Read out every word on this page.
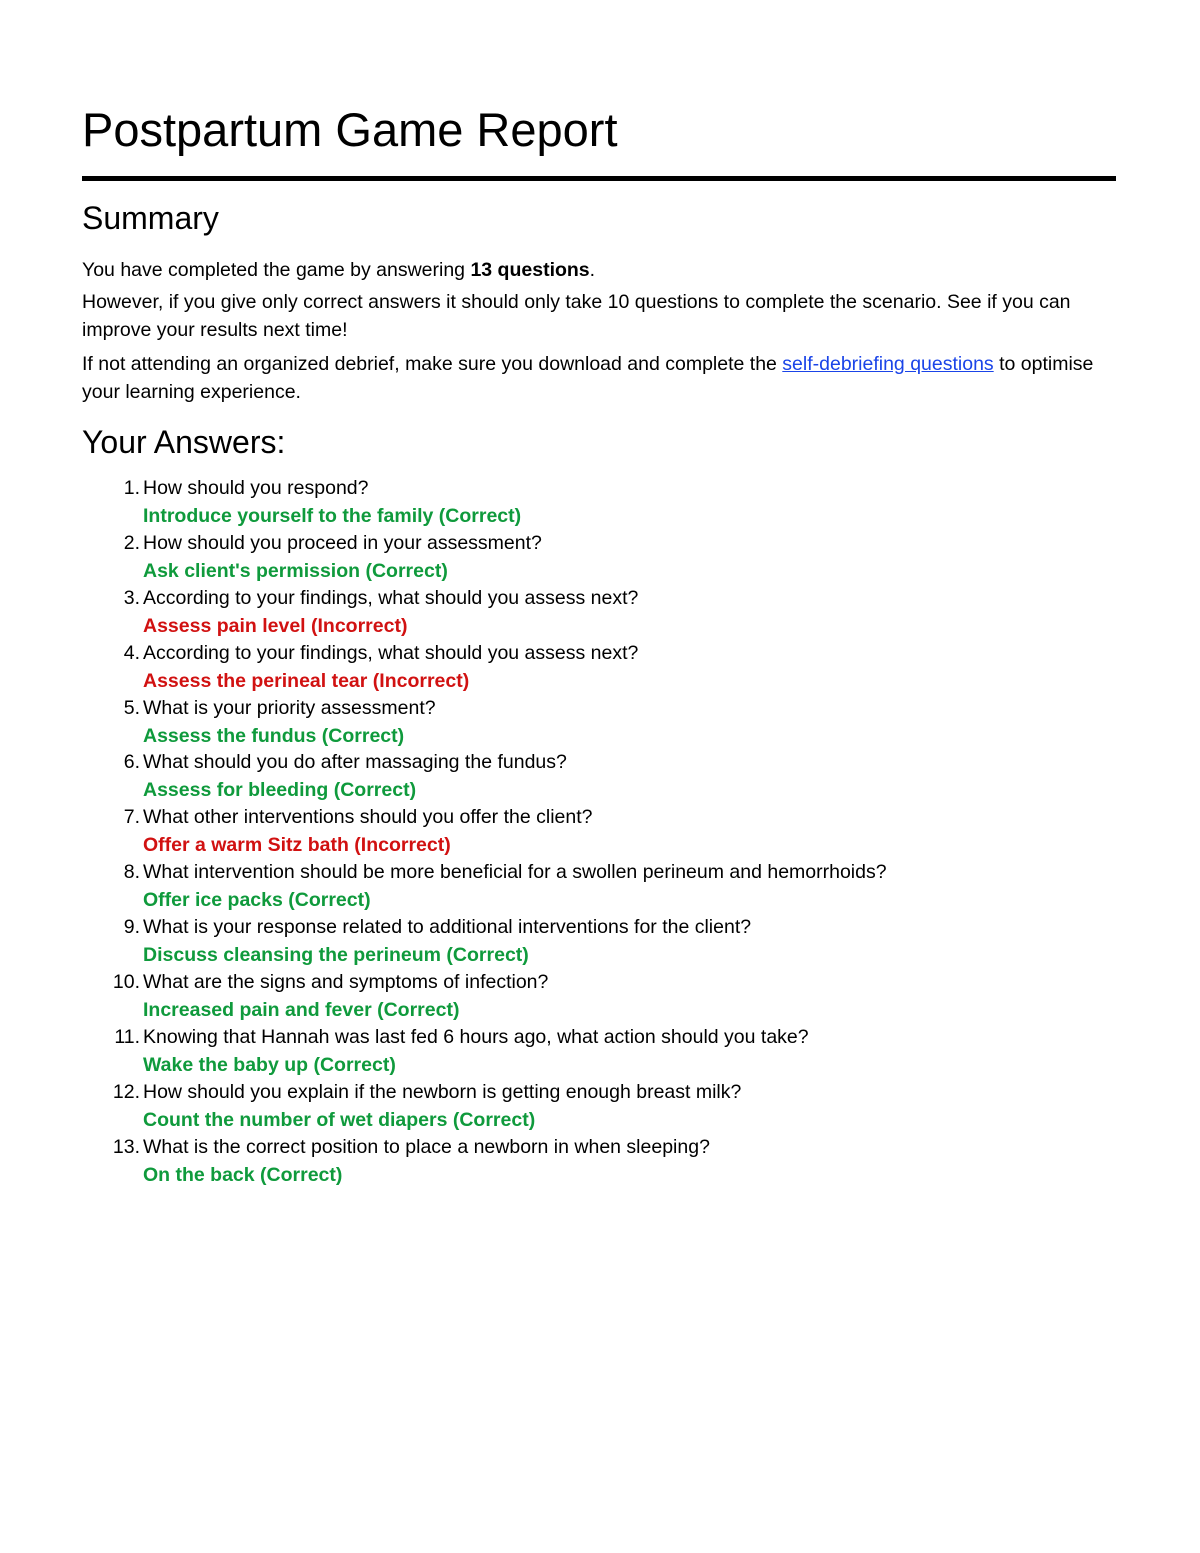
Postpartum Game Report
Summary

You have completed the game by answering 13 questions.

However, if you give only correct answers it should only take 10 questions to complete the scenario. See if you can improve your results next time!

If not attending an organized debrief, make sure you download and complete the self-debriefing questions to optimise your learning experience.

Your Answers:
1. How should you respond?
Introduce yourself to the family (Correct)
2. How should you proceed in your assessment?
Ask client's permission (Correct)
3. According to your findings, what should you assess next?
Assess pain level (Incorrect)
4. According to your findings, what should you assess next?
Assess the perineal tear (Incorrect)
5. What is your priority assessment?
Assess the fundus (Correct)
6. What should you do after massaging the fundus?
Assess for bleeding (Correct)
7. What other interventions should you offer the client?
Offer a warm Sitz bath (Incorrect)
8. What intervention should be more beneficial for a swollen perineum and hemorrhoids?
Offer ice packs (Correct)
9. What is your response related to additional interventions for the client?
Discuss cleansing the perineum (Correct)
10. What are the signs and symptoms of infection?
Increased pain and fever (Correct)
11. Knowing that Hannah was last fed 6 hours ago, what action should you take?
Wake the baby up (Correct)
12. How should you explain if the newborn is getting enough breast milk?
Count the number of wet diapers (Correct)
13. What is the correct position to place a newborn in when sleeping?
On the back (Correct)
